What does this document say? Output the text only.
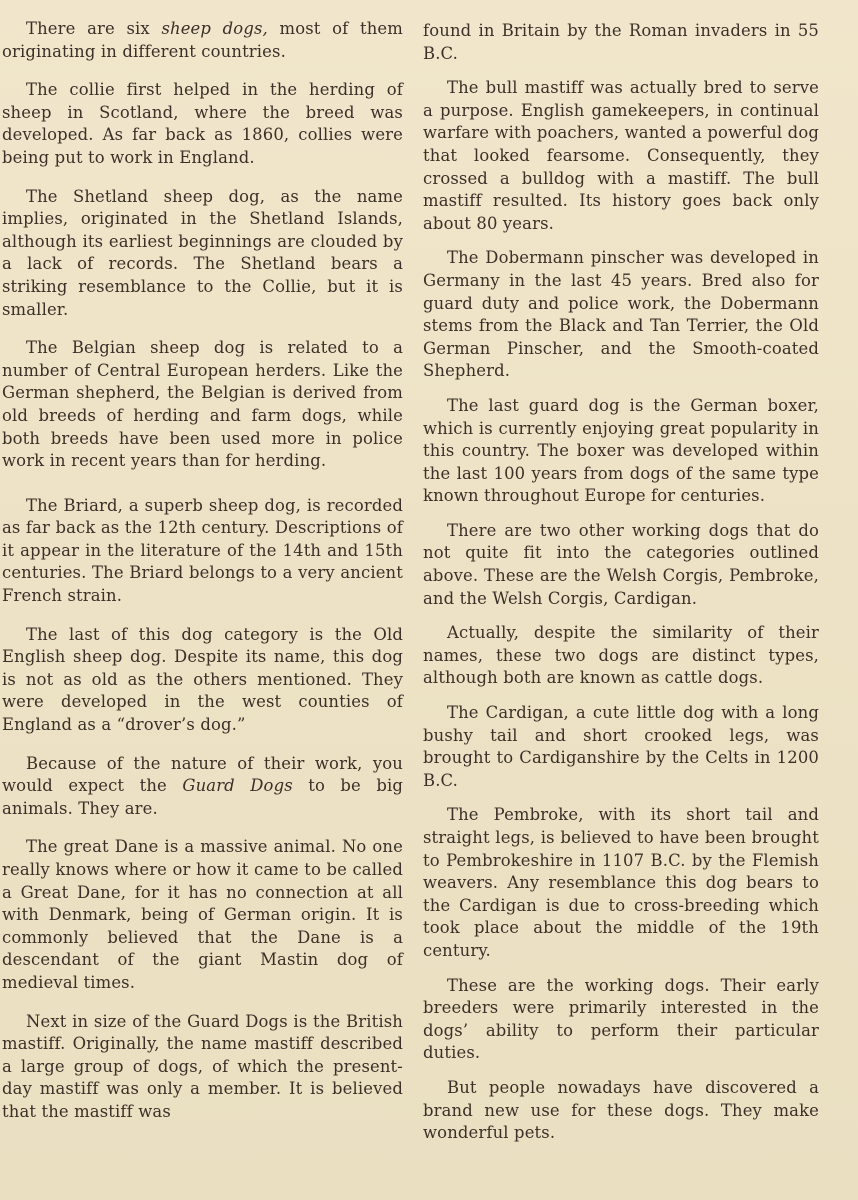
There are six sheep dogs, most of them originating in different countries.

The collie first helped in the herding of sheep in Scotland, where the breed was developed. As far back as 1860, collies were being put to work in England.

The Shetland sheep dog, as the name implies, originated in the Shetland Islands, although its earliest beginnings are clouded by a lack of records. The Shetland bears a striking resemblance to the Collie, but it is smaller.

The Belgian sheep dog is related to a number of Central European herders. Like the German shepherd, the Belgian is derived from old breeds of herding and farm dogs, while both breeds have been used more in police work in recent years than for herding.

The Briard, a superb sheep dog, is recorded as far back as the 12th century. Descriptions of it appear in the literature of the 14th and 15th centuries. The Briard belongs to a very ancient French strain.

The last of this dog category is the Old English sheep dog. Despite its name, this dog is not as old as the others mentioned. They were developed in the west counties of England as a “drover’s dog.”

Because of the nature of their work, you would expect the Guard Dogs to be big animals. They are.

The great Dane is a massive animal. No one really knows where or how it came to be called a Great Dane, for it has no connection at all with Denmark, being of German origin. It is commonly believed that the Dane is a descendant of the giant Mastin dog of medieval times.

Next in size of the Guard Dogs is the British mastiff. Originally, the name mastiff described a large group of dogs, of which the present-day mastiff was only a member. It is believed that the mastiff was

found in Britain by the Roman invaders in 55 B.C.

The bull mastiff was actually bred to serve a purpose. English gamekeepers, in continual warfare with poachers, wanted a powerful dog that looked fearsome. Consequently, they crossed a bulldog with a mastiff. The bull mastiff resulted. Its history goes back only about 80 years.

The Dobermann pinscher was developed in Germany in the last 45 years. Bred also for guard duty and police work, the Dobermann stems from the Black and Tan Terrier, the Old German Pinscher, and the Smooth-coated Shepherd.

The last guard dog is the German boxer, which is currently enjoying great popularity in this country. The boxer was developed within the last 100 years from dogs of the same type known throughout Europe for centuries.

There are two other working dogs that do not quite fit into the categories outlined above. These are the Welsh Corgis, Pembroke, and the Welsh Corgis, Cardigan.

Actually, despite the similarity of their names, these two dogs are distinct types, although both are known as cattle dogs.

The Cardigan, a cute little dog with a long bushy tail and short crooked legs, was brought to Cardiganshire by the Celts in 1200 B.C.

The Pembroke, with its short tail and straight legs, is believed to have been brought to Pembrokeshire in 1107 B.C. by the Flemish weavers. Any resemblance this dog bears to the Cardigan is due to cross-breeding which took place about the middle of the 19th century.

These are the working dogs. Their early breeders were primarily interested in the dogs’ ability to perform their particular duties.

But people nowadays have discovered a brand new use for these dogs. They make wonderful pets.
